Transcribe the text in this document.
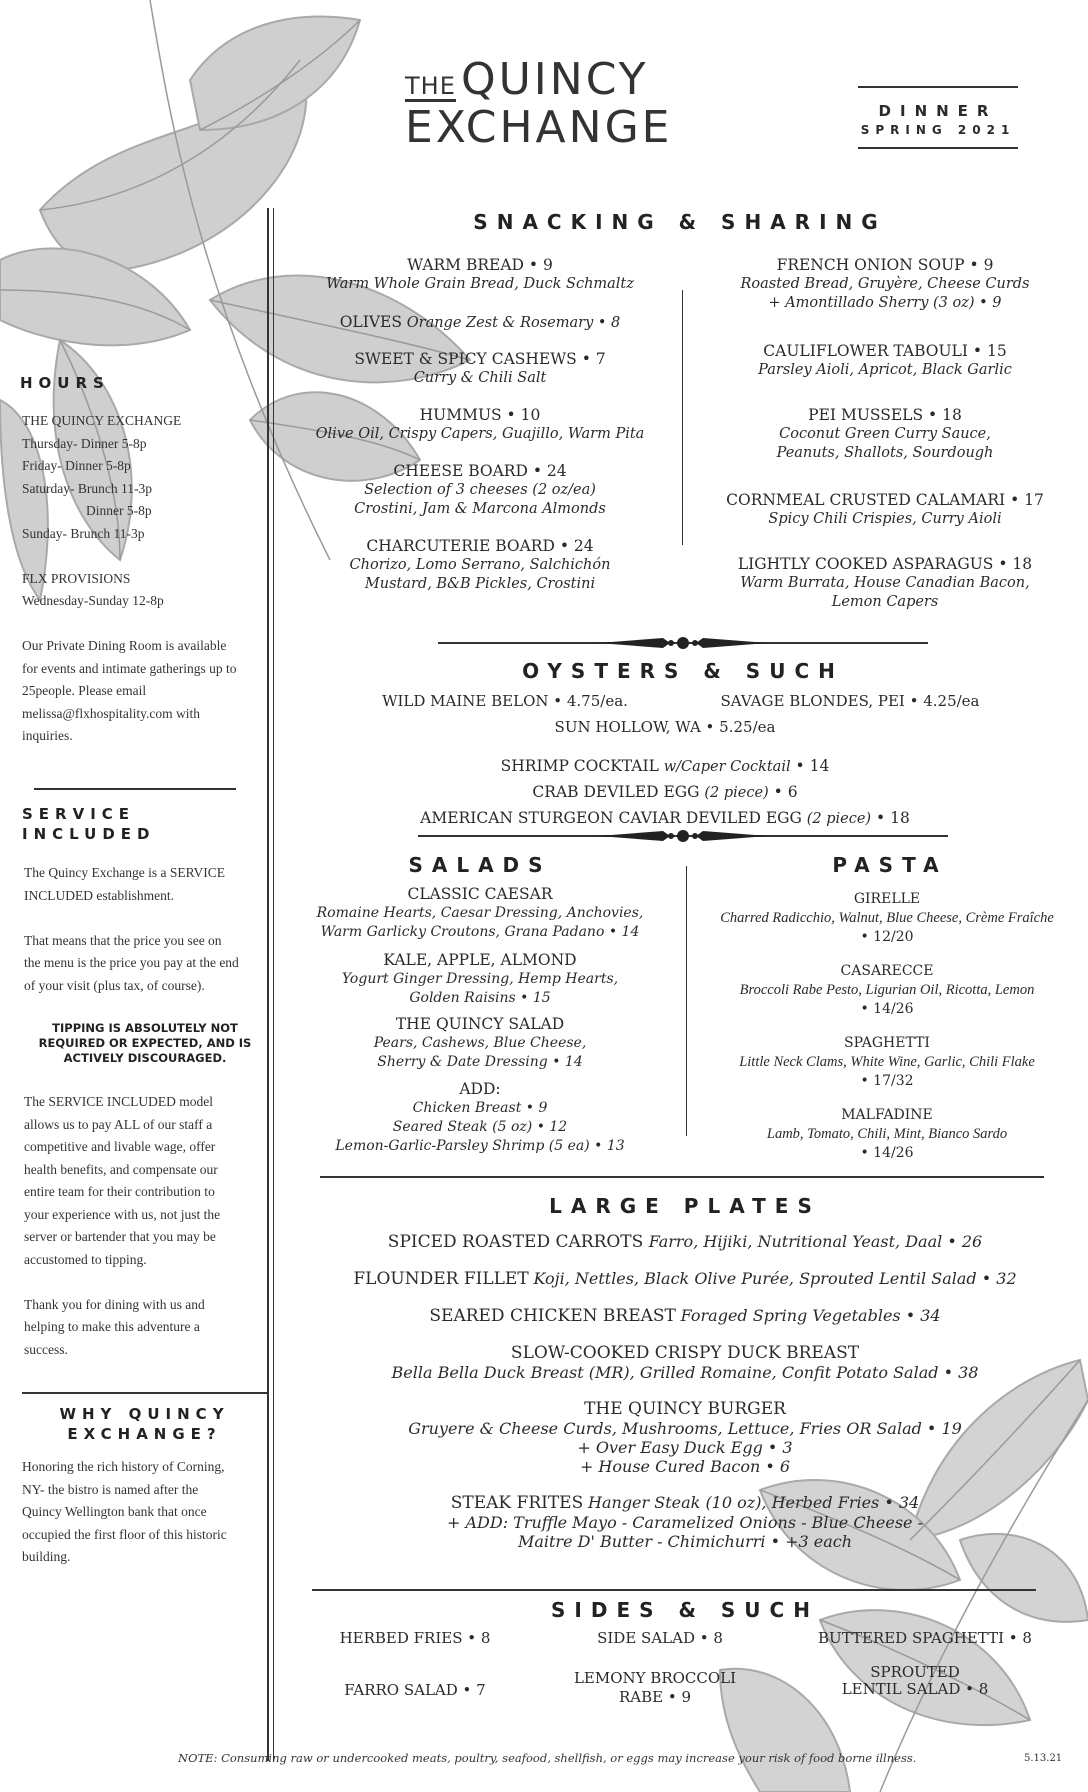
THE QUINCY
EXCHANGE	DINNER
SPRING 2021
HOURS
THE QUINCY EXCHANGE
Thursday- Dinner 5-8p
Friday- Dinner 5-8p
Saturday- Brunch 11-3p
Dinner 5-8p
Sunday- Brunch 11-3p
FLX PROVISIONS
Wednesday-Sunday 12-8p
Our Private Dining Room is available
for events and intimate gatherings up to
25people. Please email
melissa@flxhospitality.com with
inquiries.
SERVICE
INCLUDED
The Quincy Exchange is a SERVICE
INCLUDED establishment.
That means that the price you see on
the menu is the price you pay at the end
of your visit (plus tax, of course).
TIPPING IS ABSOLUTELY NOT
REQUIRED OR EXPECTED, AND IS
ACTIVELY DISCOURAGED.
The SERVICE INCLUDED model
allows us to pay ALL of our staff a
competitive and livable wage, offer
health benefits, and compensate our
entire team for their contribution to
your experience with us, not just the
server or bartender that you may be
accustomed to tipping.
Thank you for dining with us and
helping to make this adventure a
success.
WHY QUINCY
EXCHANGE?
Honoring the rich history of Corning,
NY- the bistro is named after the
Quincy Wellington bank that once
occupied the first floor of this historic
building.
SNACKING & SHARING
WARM BREAD • 9
Warm Whole Grain Bread, Duck Schmaltz
OLIVES Orange Zest & Rosemary • 8
SWEET & SPICY CASHEWS • 7
Curry & Chili Salt
HUMMUS • 10
Olive Oil, Crispy Capers, Guajillo, Warm Pita
CHEESE BOARD • 24
Selection of 3 cheeses (2 oz/ea)
Crostini, Jam & Marcona Almonds
CHARCUTERIE BOARD • 24
Chorizo, Lomo Serrano, Salchichón
Mustard, B&B Pickles, Crostini
FRENCH ONION SOUP • 9
Roasted Bread, Gruyère, Cheese Curds
+ Amontillado Sherry (3 oz) • 9
CAULIFLOWER TABOULI • 15
Parsley Aioli, Apricot, Black Garlic
PEI MUSSELS • 18
Coconut Green Curry Sauce,
Peanuts, Shallots, Sourdough
CORNMEAL CRUSTED CALAMARI • 17
Spicy Chili Crispies, Curry Aioli
LIGHTLY COOKED ASPARAGUS • 18
Warm Burrata, House Canadian Bacon,
Lemon Capers
OYSTERS & SUCH
WILD MAINE BELON • 4.75/ea.	SAVAGE BLONDES, PEI • 4.25/ea
SUN HOLLOW, WA • 5.25/ea
SHRIMP COCKTAIL w/Caper Cocktail • 14
CRAB DEVILED EGG (2 piece) • 6
AMERICAN STURGEON CAVIAR DEVILED EGG (2 piece) • 18
SALADS
CLASSIC CAESAR
Romaine Hearts, Caesar Dressing, Anchovies,
Warm Garlicky Croutons, Grana Padano • 14
KALE, APPLE, ALMOND
Yogurt Ginger Dressing, Hemp Hearts,
Golden Raisins • 15
THE QUINCY SALAD
Pears, Cashews, Blue Cheese,
Sherry & Date Dressing • 14
ADD:
Chicken Breast • 9
Seared Steak (5 oz) • 12
Lemon-Garlic-Parsley Shrimp (5 ea) • 13
PASTA
GIRELLE
Charred Radicchio, Walnut, Blue Cheese, Crème Fraîche
• 12/20
CASARECCE
Broccoli Rabe Pesto, Ligurian Oil, Ricotta, Lemon
• 14/26
SPAGHETTI
Little Neck Clams, White Wine, Garlic, Chili Flake
• 17/32
MALFADINE
Lamb, Tomato, Chili, Mint, Bianco Sardo
• 14/26
LARGE PLATES
SPICED ROASTED CARROTS Farro, Hijiki, Nutritional Yeast, Daal • 26
FLOUNDER FILLET Koji, Nettles, Black Olive Purée, Sprouted Lentil Salad • 32
SEARED CHICKEN BREAST Foraged Spring Vegetables • 34
SLOW-COOKED CRISPY DUCK BREAST
Bella Bella Duck Breast (MR), Grilled Romaine, Confit Potato Salad • 38
THE QUINCY BURGER
Gruyere & Cheese Curds, Mushrooms, Lettuce, Fries OR Salad • 19
+ Over Easy Duck Egg • 3
+ House Cured Bacon • 6
STEAK FRITES Hanger Steak (10 oz), Herbed Fries • 34
+ ADD: Truffle Mayo - Caramelized Onions - Blue Cheese -
Maitre D' Butter - Chimichurri • +3 each
SIDES & SUCH
HERBED FRIES • 8	SIDE SALAD • 8	BUTTERED SPAGHETTI • 8
FARRO SALAD • 7
LEMONY BROCCOLI
RABE • 9
SPROUTED
LENTIL SALAD • 8
NOTE: Consuming raw or undercooked meats, poultry, seafood, shellfish, or eggs may increase your risk of food borne illness.	5.13.21
